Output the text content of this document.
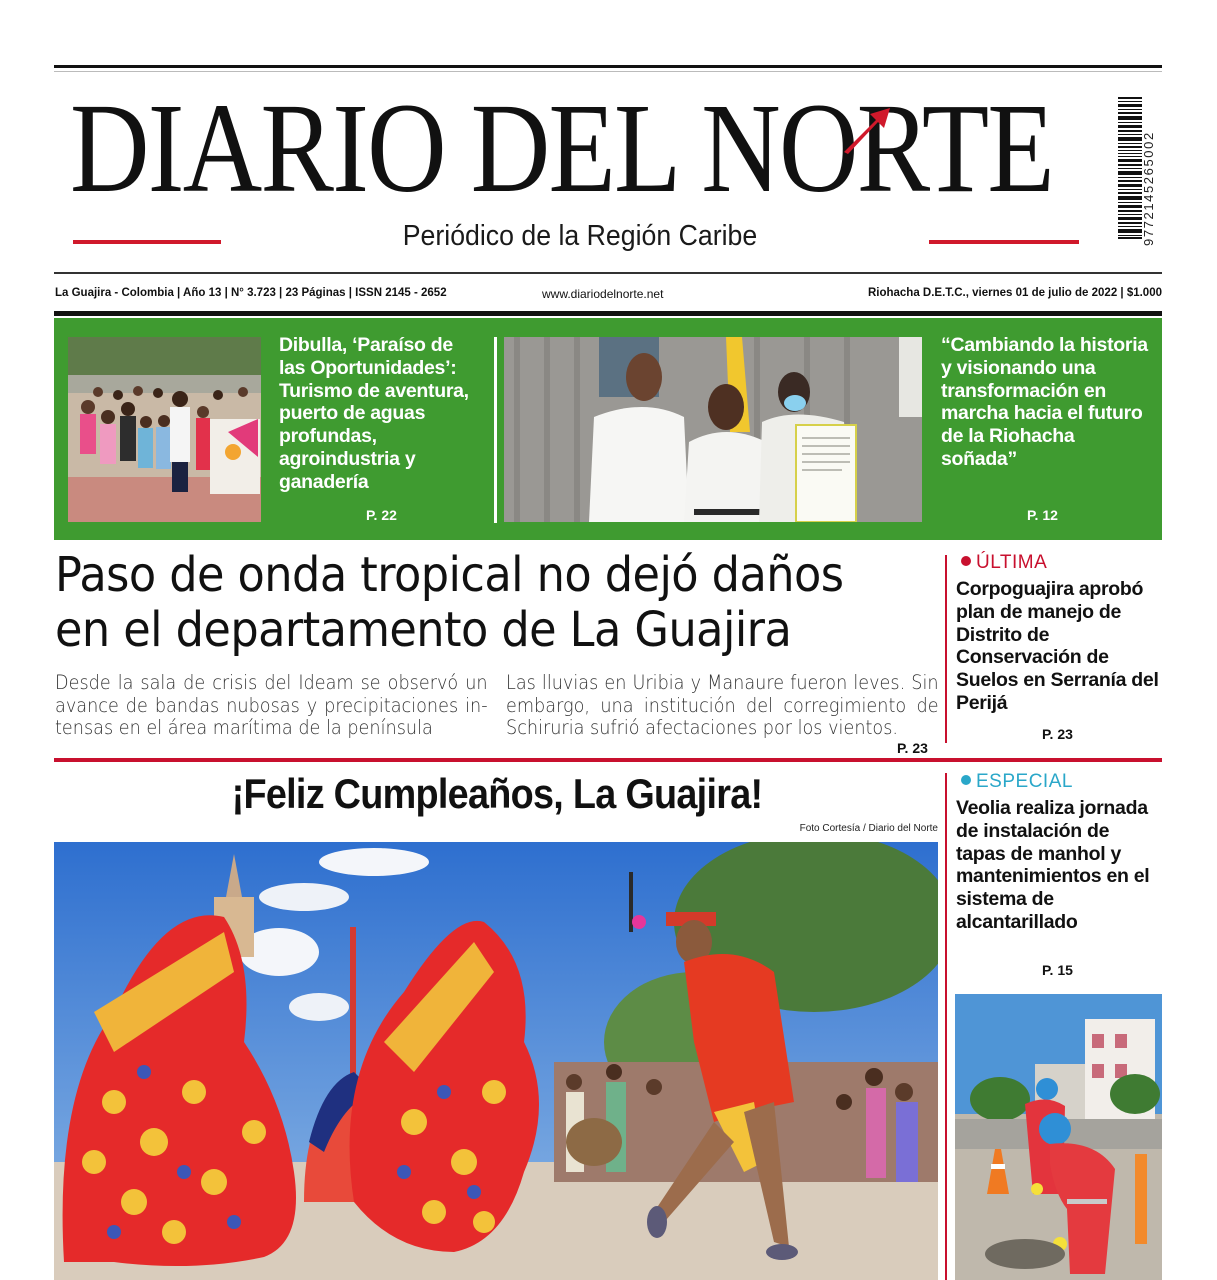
DIARIO DEL NORTE
Periódico de la Región Caribe	9772145265002
La Guajira - Colombia | Año 13 | N° 3.723 | 23 Páginas | ISSN 2145 - 2652	www.diariodelnorte.net	Riohacha D.E.T.C., viernes 01 de julio de 2022 | $1.000
Dibulla, ‘Paraíso de las Oportunidades’: Turismo de aventura, puerto de aguas profundas, agroindustria y ganadería
P. 22
“Cambiando la historia y visionando una transformación en marcha hacia el futuro de la Riohacha soñada”
P. 12
Paso de onda tropical no dejó daños
en el departamento de La Guajira
Desde la sala de crisis del Ideam se observó un avance de bandas nubosas y precipitaciones in-tensas en el área marítima de la península
Las lluvias en Uribia y Manaure fueron leves. Sin embargo, una institución del corregimiento de Schiruria sufrió afectaciones por los vientos.
P. 23
ÚLTIMA
Corpoguajira aprobó plan de manejo de Distrito de Conservación de Suelos en Serranía del Perijá
P. 23
ESPECIAL
Veolia realiza jornada de instalación de tapas de manhol y mantenimientos en el sistema de alcantarillado
P. 15
¡Feliz Cumpleaños, La Guajira!
Foto Cortesía / Diario del Norte
